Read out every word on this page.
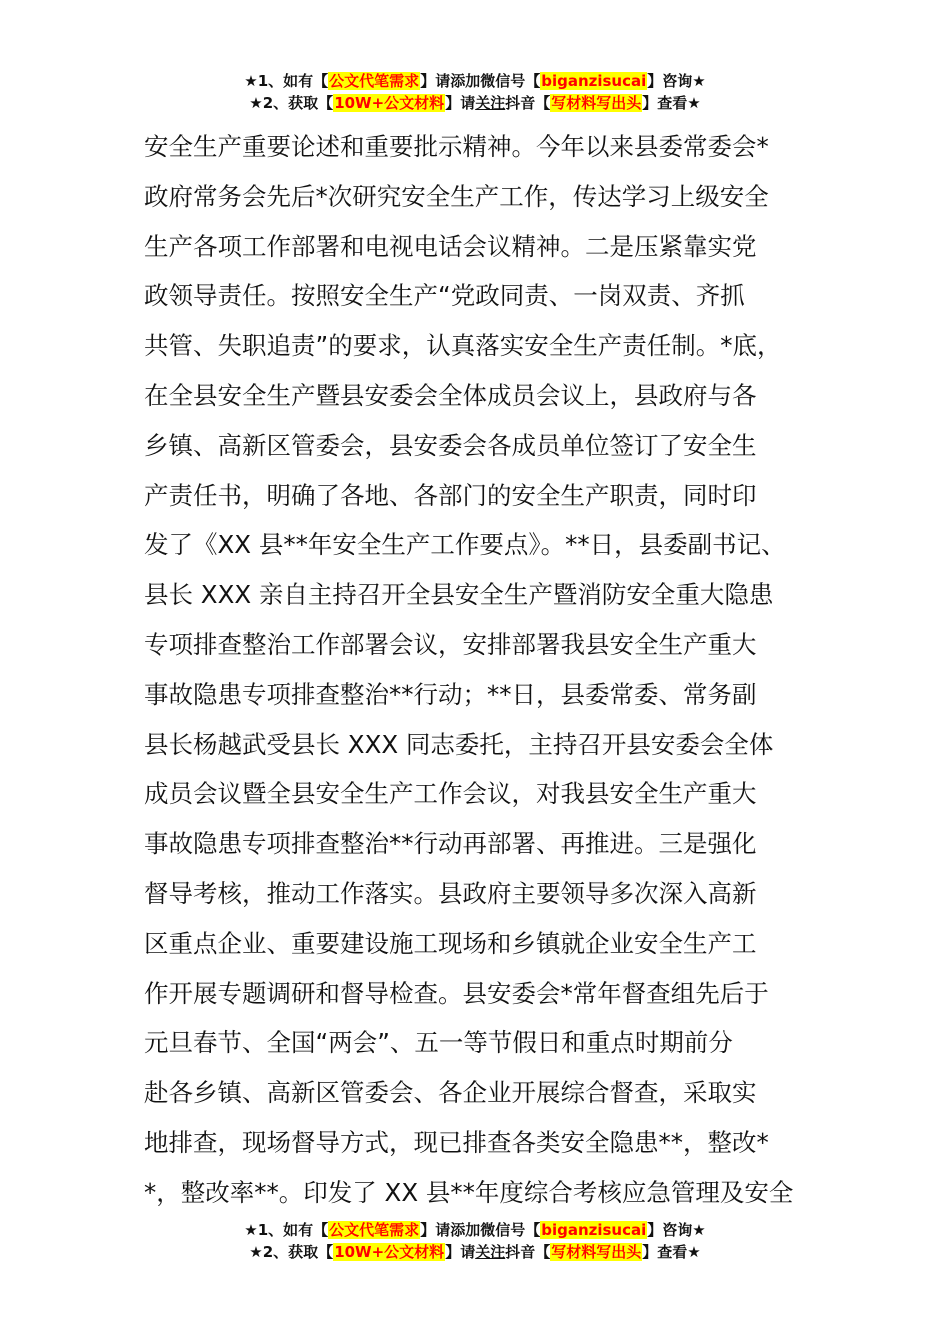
★1、如有【公文代笔需求】请添加微信号【biganzisucai】咨询★
★2、获取【10W+公文材料】请关注抖音【写材料写出头】查看★
安全生产重要论述和重要批示精神。今年以来县委常委会*
政府常务会先后*次研究安全生产工作，传达学习上级安全
生产各项工作部署和电视电话会议精神。二是压紧靠实党
政领导责任。按照安全生产“党政同责、一岗双责、齐抓
共管、失职追责”的要求，认真落实安全生产责任制。*底，
在全县安全生产暨县安委会全体成员会议上，县政府与各
乡镇、高新区管委会，县安委会各成员单位签订了安全生
产责任书，明确了各地、各部门的安全生产职责，同时印
发了《XX 县**年安全生产工作要点》。**日，县委副书记、
县长 XXX 亲自主持召开全县安全生产暨消防安全重大隐患
专项排查整治工作部署会议，安排部署我县安全生产重大
事故隐患专项排查整治**行动；**日，县委常委、常务副
县长杨越武受县长 XXX 同志委托，主持召开县安委会全体
成员会议暨全县安全生产工作会议，对我县安全生产重大
事故隐患专项排查整治**行动再部署、再推进。三是强化
督导考核，推动工作落实。县政府主要领导多次深入高新
区重点企业、重要建设施工现场和乡镇就企业安全生产工
作开展专题调研和督导检查。县安委会*常年督查组先后于
元旦春节、全国“两会”、五一等节假日和重点时期前分
赴各乡镇、高新区管委会、各企业开展综合督查，采取实
地排查，现场督导方式，现已排查各类安全隐患**，整改*
*，整改率**。印发了 XX 县**年度综合考核应急管理及安全
★1、如有【公文代笔需求】请添加微信号【biganzisucai】咨询★
★2、获取【10W+公文材料】请关注抖音【写材料写出头】查看★
